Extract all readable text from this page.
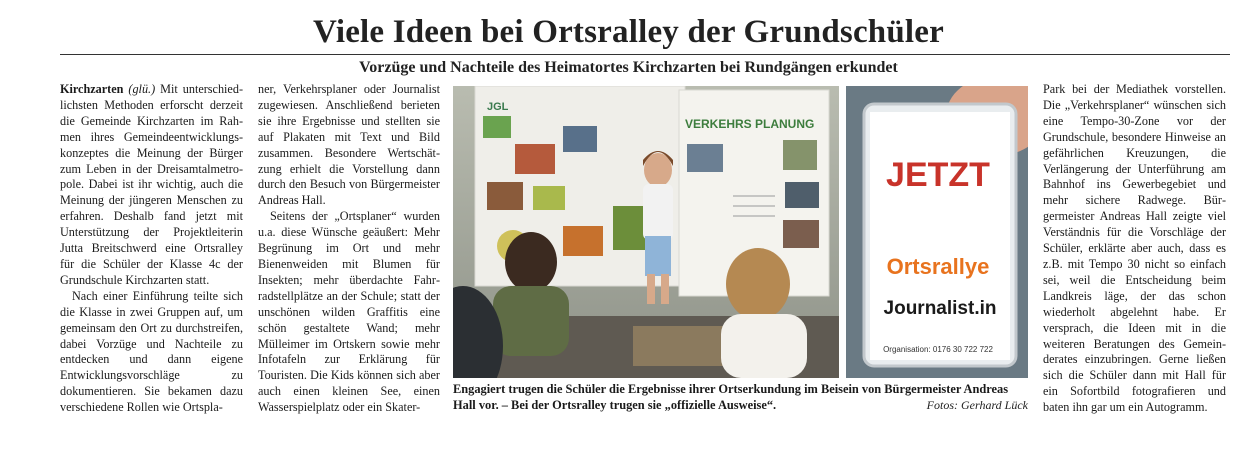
Viele Ideen bei Ortsralley der Grundschüler
Vorzüge und Nachteile des Heimatortes Kirchzarten bei Rundgängen erkundet

Kirchzarten (glü.) Mit unterschiedlichsten Methoden erforscht derzeit die Gemeinde Kirchzarten im Rahmen ihres Gemeindeentwicklungskonzeptes die Meinung der Bürger zum Leben in der Dreisamtalmetropole. Dabei ist ihr wichtig, auch die Meinung der jüngeren Menschen zu erfahren. Deshalb fand jetzt mit Unterstützung der Projektleiterin Jutta Breitschwerd eine Ortsralley für die Schüler der Klasse 4c der Grundschule Kirchzarten statt.

Nach einer Einführung teilte sich die Klasse in zwei Gruppen auf, um gemeinsam den Ort zu durchstreifen, dabei Vorzüge und Nachteile zu entdecken und dann eigene Entwicklungsvorschläge zu dokumentieren. Sie bekamen dazu verschiedene Rollen wie Ortspla-

ner, Verkehrsplaner oder Journalist zugewiesen. Anschließend berieten sie ihre Ergebnisse und stellten sie auf Plakaten mit Text und Bild zusammen. Besondere Wertschätzung erhielt die Vorstellung dann durch den Besuch von Bürgermeister Andreas Hall.

Seitens der „Ortsplaner“ wurden u.a. diese Wünsche geäußert: Mehr Begrünung im Ort und mehr Bienenweiden mit Blumen für Insekten; mehr überdachte Fahrradstellplätze an der Schule; statt der unschönen wilden Graffitis eine schön gestaltete Wand; mehr Mülleimer im Ortskern sowie mehr Infotafeln zur Erklärung für Touristen. Die Kids können sich aber auch einen kleinen See, einen Wasserspielplatz oder ein Skater-

JGL
VERKEHRS PLANUNG
JETZT
Ortsrallye
Journalist.in
Organisation: 0176 30 722 722
Engagiert trugen die Schüler die Ergebnisse ihrer Ortserkundung im Beisein von Bürgermeister Andreas Hall vor. – Bei der Ortsralley trugen sie „offizielle Ausweise“.	Fotos: Gerhard Lück

Park bei der Mediathek vorstellen. Die „Verkehrsplaner“ wünschen sich eine Tempo-30-Zone vor der Grundschule, besondere Hinweise an gefährlichen Kreuzungen, die Verlängerung der Unterführung am Bahnhof ins Gewerbegebiet und mehr sichere Radwege. Bürgermeister Andreas Hall zeigte viel Verständnis für die Vorschläge der Schüler, erklärte aber auch, dass es z.B. mit Tempo 30 nicht so einfach sei, weil die Entscheidung beim Landkreis läge, der das schon wiederholt abgelehnt habe. Er versprach, die Ideen mit in die weiteren Beratungen des Gemeinderates einzubringen. Gerne ließen sich die Schüler dann mit Hall für ein Sofortbild fotografieren und baten ihn gar um ein Autogramm.
